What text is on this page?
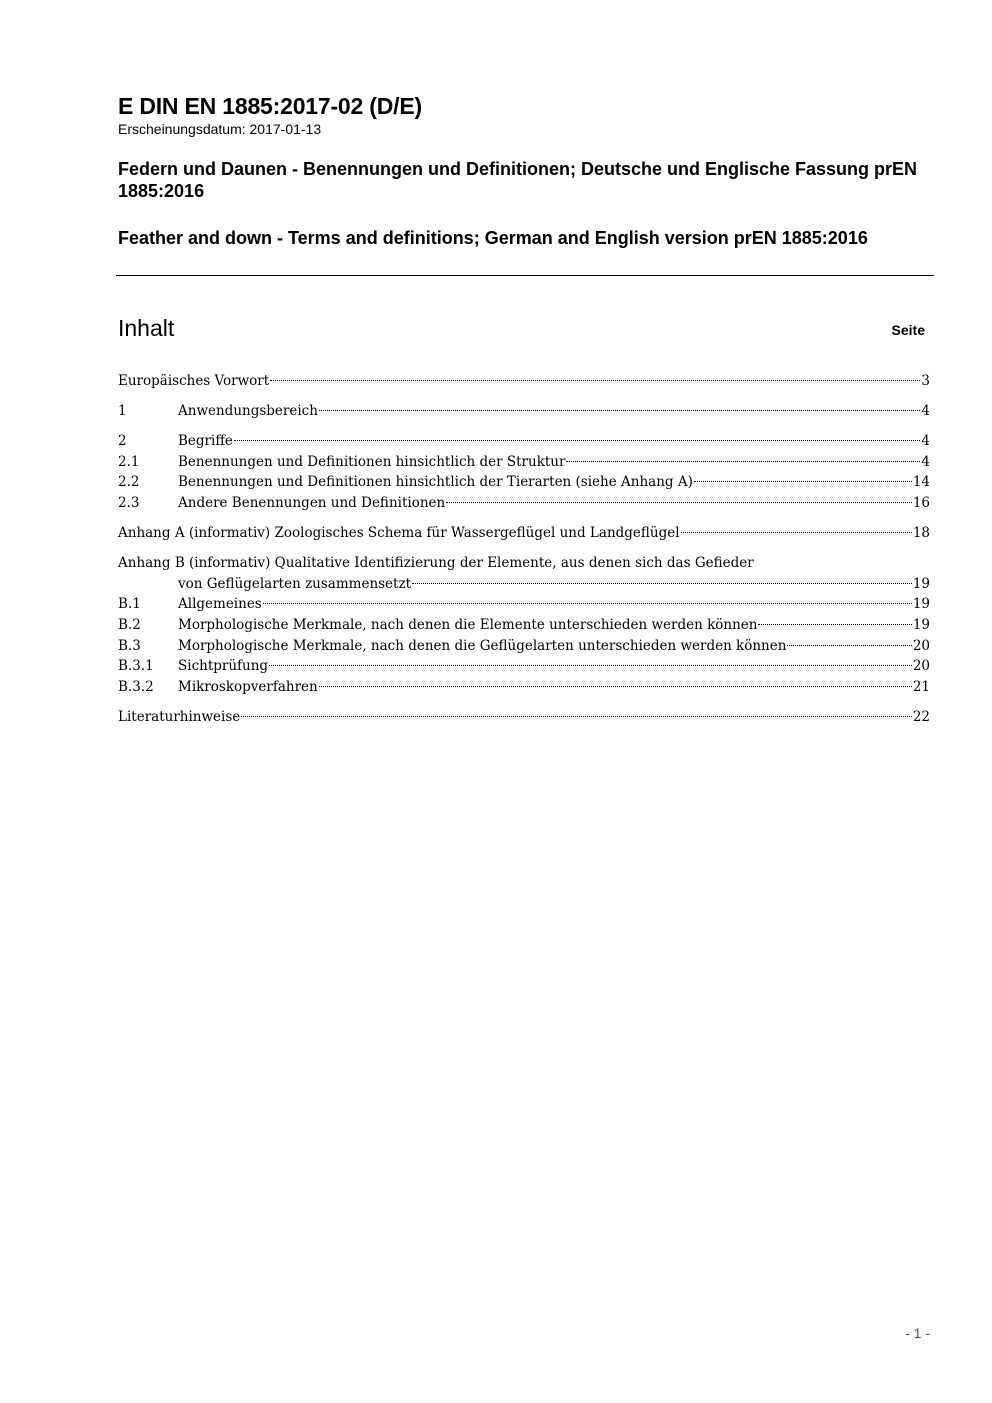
E DIN EN 1885:2017-02 (D/E)
Erscheinungsdatum: 2017-01-13
Federn und Daunen - Benennungen und Definitionen; Deutsche und Englische Fassung prEN 1885:2016
Feather and down - Terms and definitions; German and English version prEN 1885:2016
Inhalt	Seite
Europäisches Vorwort	3
1	Anwendungsbereich	4
2	Begriffe	4
2.1	Benennungen und Definitionen hinsichtlich der Struktur	4
2.2	Benennungen und Definitionen hinsichtlich der Tierarten (siehe Anhang A)	14
2.3	Andere Benennungen und Definitionen	16
Anhang A (informativ) Zoologisches Schema für Wassergeflügel und Landgeflügel	18
Anhang B (informativ) Qualitative Identifizierung der Elemente, aus denen sich das Gefieder
von Geflügelarten zusammensetzt	19
B.1	Allgemeines	19
B.2	Morphologische Merkmale, nach denen die Elemente unterschieden werden können	19
B.3	Morphologische Merkmale, nach denen die Geflügelarten unterschieden werden können	20
B.3.1	Sichtprüfung	20
B.3.2	Mikroskopverfahren	21
Literaturhinweise	22
- 1 -
